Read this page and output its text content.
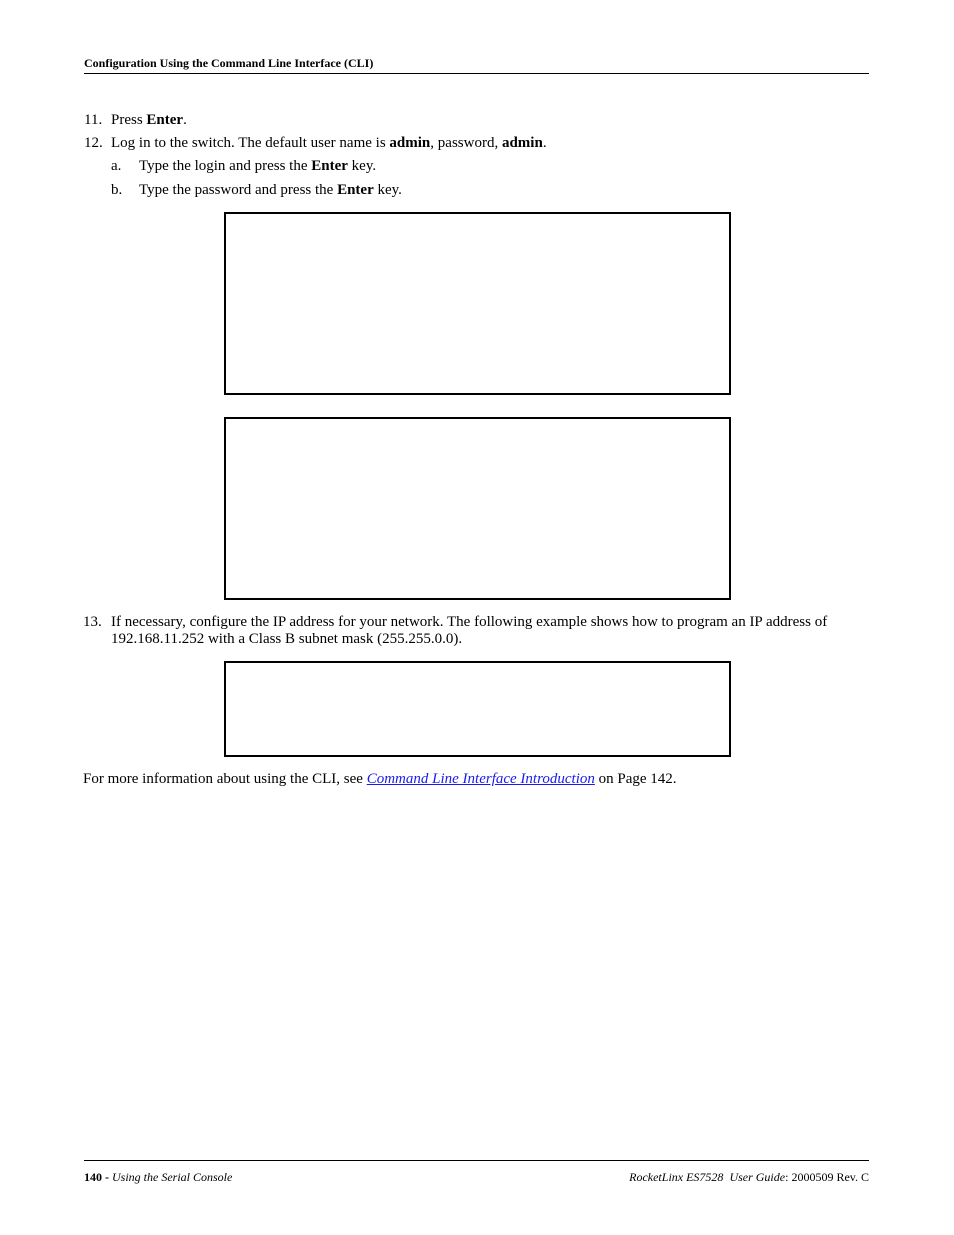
Configuration Using the Command Line Interface (CLI)
11. Press Enter.
12. Log in to the switch. The default user name is admin, password, admin.
a. Type the login and press the Enter key.
b. Type the password and press the Enter key.
13. If necessary, configure the IP address for your network. The following example shows how to program an IP address of 192.168.11.252 with a Class B subnet mask (255.255.0.0).
For more information about using the CLI, see Command Line Interface Introduction on Page 142.
140 - Using the Serial Console	RocketLinx ES7528 User Guide: 2000509 Rev. C
